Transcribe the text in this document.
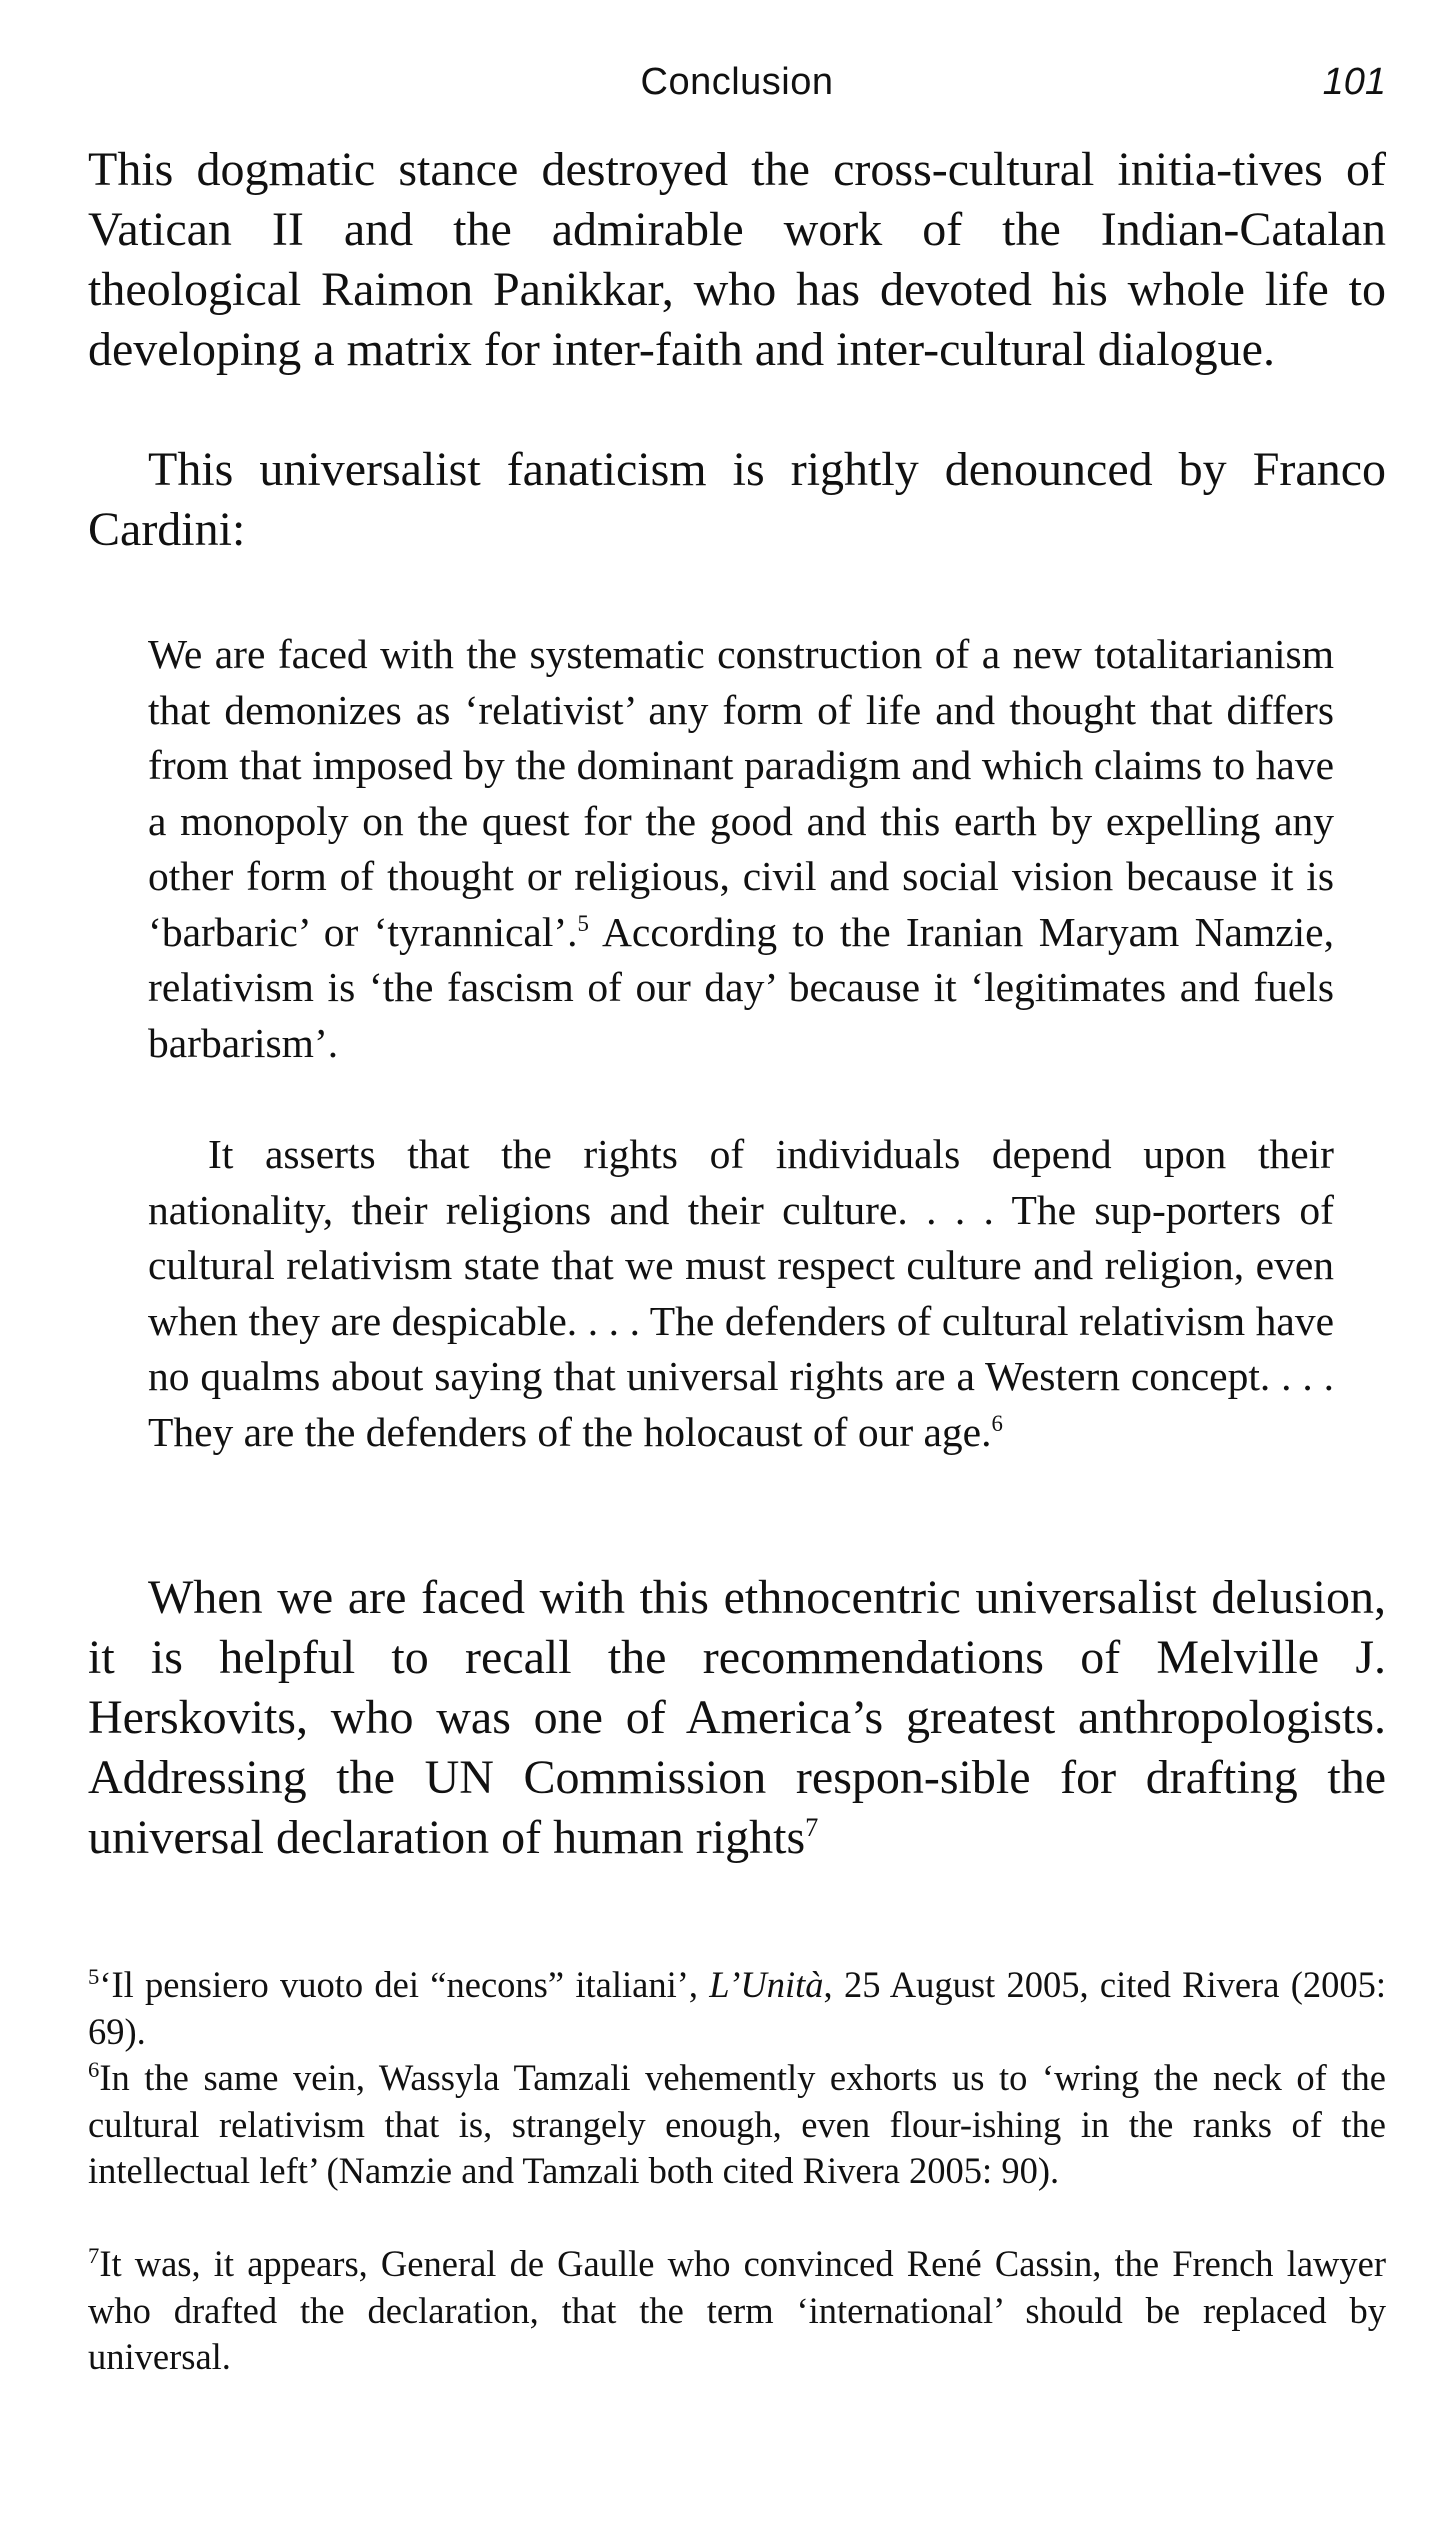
Conclusion	101

This dogmatic stance destroyed the cross-cultural initia-tives of Vatican II and the admirable work of the Indian-Catalan theological Raimon Panikkar, who has devoted his whole life to developing a matrix for inter-faith and inter-cultural dialogue.

This universalist fanaticism is rightly denounced by Franco Cardini:

We are faced with the systematic construction of a new totalitarianism that demonizes as ‘relativist’ any form of life and thought that differs from that imposed by the dominant paradigm and which claims to have a monopoly on the quest for the good and this earth by expelling any other form of thought or religious, civil and social vision because it is ‘barbaric’ or ‘tyrannical’.$^5$ According to the Iranian Maryam Namzie, relativism is ‘the fascism of our day’ because it ‘legitimates and fuels barbarism’.

It asserts that the rights of individuals depend upon their nationality, their religions and their culture. . . . The sup-porters of cultural relativism state that we must respect culture and religion, even when they are despicable. . . . The defenders of cultural relativism have no qualms about saying that universal rights are a Western concept. . . . They are the defenders of the holocaust of our age.$^6$

When we are faced with this ethnocentric universalist delusion, it is helpful to recall the recommendations of Melville J. Herskovits, who was one of America’s greatest anthropologists. Addressing the UN Commission respon-sible for drafting the universal declaration of human rights$^7$

$^5$‘Il pensiero vuoto dei “necons” italiani’, L’Unità, 25 August 2005, cited Rivera (2005: 69).

$^6$In the same vein, Wassyla Tamzali vehemently exhorts us to ‘wring the neck of the cultural relativism that is, strangely enough, even flour-ishing in the ranks of the intellectual left’ (Namzie and Tamzali both cited Rivera 2005: 90).

$^7$It was, it appears, General de Gaulle who convinced René Cassin, the French lawyer who drafted the declaration, that the term ‘international’ should be replaced by universal.
